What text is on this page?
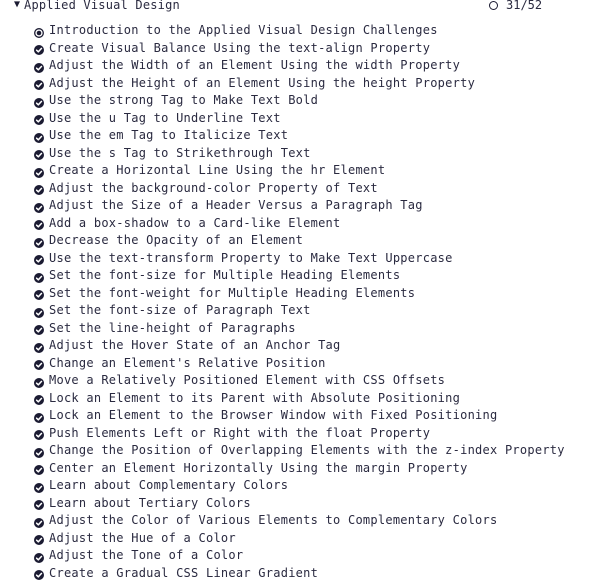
▼ Applied Visual Design	31/52
Introduction to the Applied Visual Design Challenges
Create Visual Balance Using the text-align Property
Adjust the Width of an Element Using the width Property
Adjust the Height of an Element Using the height Property
Use the strong Tag to Make Text Bold
Use the u Tag to Underline Text
Use the em Tag to Italicize Text
Use the s Tag to Strikethrough Text
Create a Horizontal Line Using the hr Element
Adjust the background-color Property of Text
Adjust the Size of a Header Versus a Paragraph Tag
Add a box-shadow to a Card-like Element
Decrease the Opacity of an Element
Use the text-transform Property to Make Text Uppercase
Set the font-size for Multiple Heading Elements
Set the font-weight for Multiple Heading Elements
Set the font-size of Paragraph Text
Set the line-height of Paragraphs
Adjust the Hover State of an Anchor Tag
Change an Element's Relative Position
Move a Relatively Positioned Element with CSS Offsets
Lock an Element to its Parent with Absolute Positioning
Lock an Element to the Browser Window with Fixed Positioning
Push Elements Left or Right with the float Property
Change the Position of Overlapping Elements with the z-index Property
Center an Element Horizontally Using the margin Property
Learn about Complementary Colors
Learn about Tertiary Colors
Adjust the Color of Various Elements to Complementary Colors
Adjust the Hue of a Color
Adjust the Tone of a Color
Create a Gradual CSS Linear Gradient
